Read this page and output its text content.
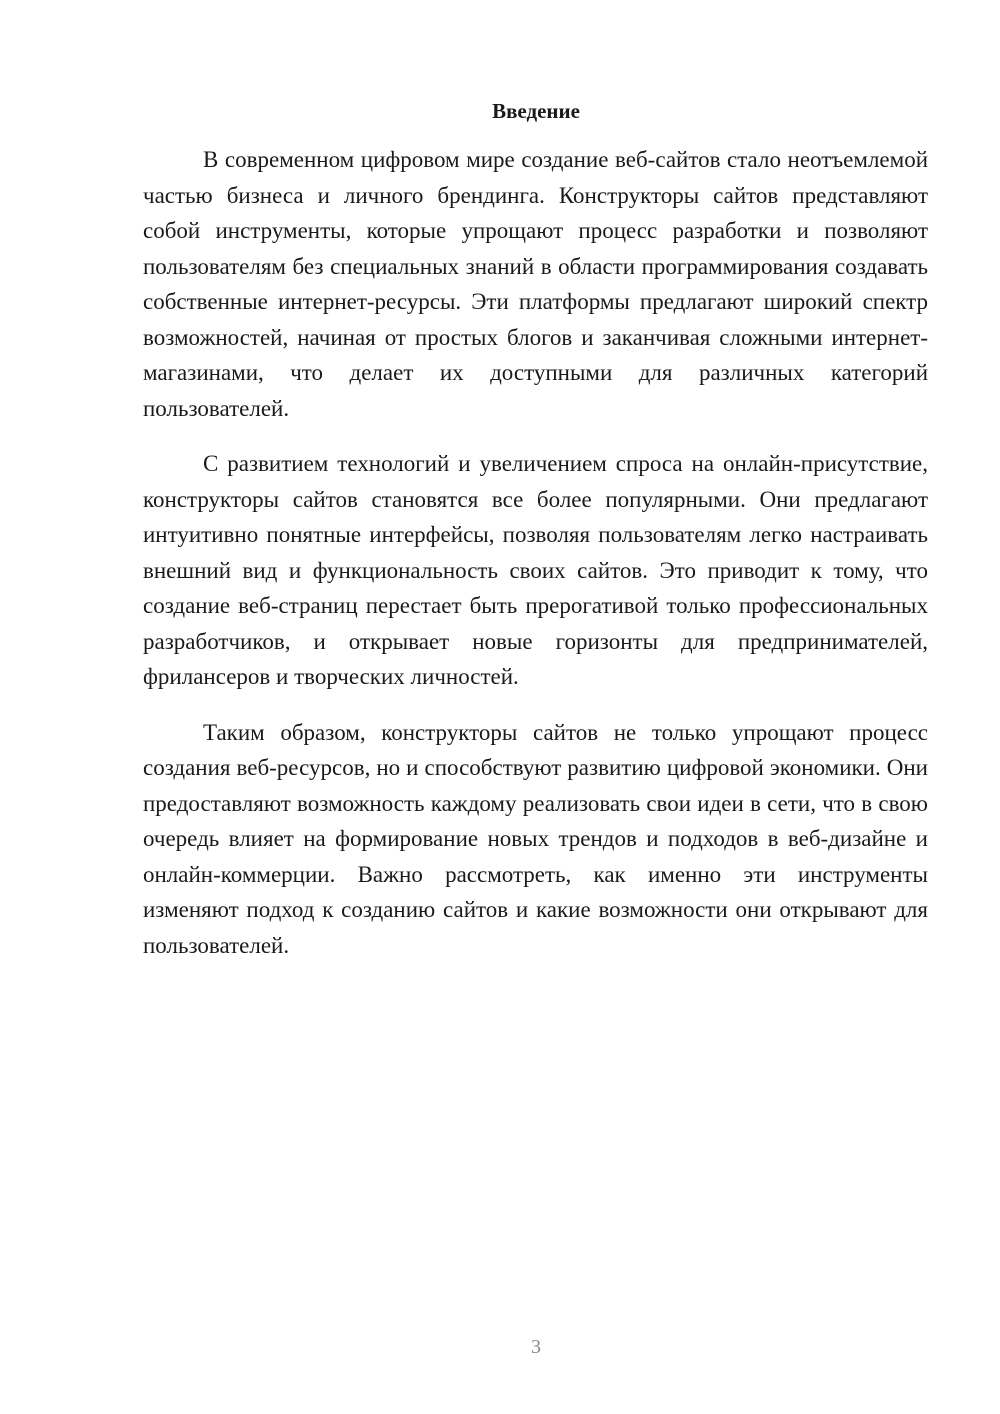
Введение

В современном цифровом мире создание веб-сайтов стало неотъемлемой частью бизнеса и личного брендинга. Конструкторы сайтов представляют собой инструменты, которые упрощают процесс разработки и позволяют пользователям без специальных знаний в области программирования создавать собственные интернет-ресурсы. Эти платформы предлагают широкий спектр возможностей, начиная от простых блогов и заканчивая сложными интернет-магазинами, что делает их доступными для различных категорий пользователей.

С развитием технологий и увеличением спроса на онлайн-присутствие, конструкторы сайтов становятся все более популярными. Они предлагают интуитивно понятные интерфейсы, позволяя пользователям легко настраивать внешний вид и функциональность своих сайтов. Это приводит к тому, что создание веб-страниц перестает быть прерогативой только профессиональных разработчиков, и открывает новые горизонты для предпринимателей, фрилансеров и творческих личностей.

Таким образом, конструкторы сайтов не только упрощают процесс создания веб-ресурсов, но и способствуют развитию цифровой экономики. Они предоставляют возможность каждому реализовать свои идеи в сети, что в свою очередь влияет на формирование новых трендов и подходов в веб-дизайне и онлайн-коммерции. Важно рассмотреть, как именно эти инструменты изменяют подход к созданию сайтов и какие возможности они открывают для пользователей.

3
